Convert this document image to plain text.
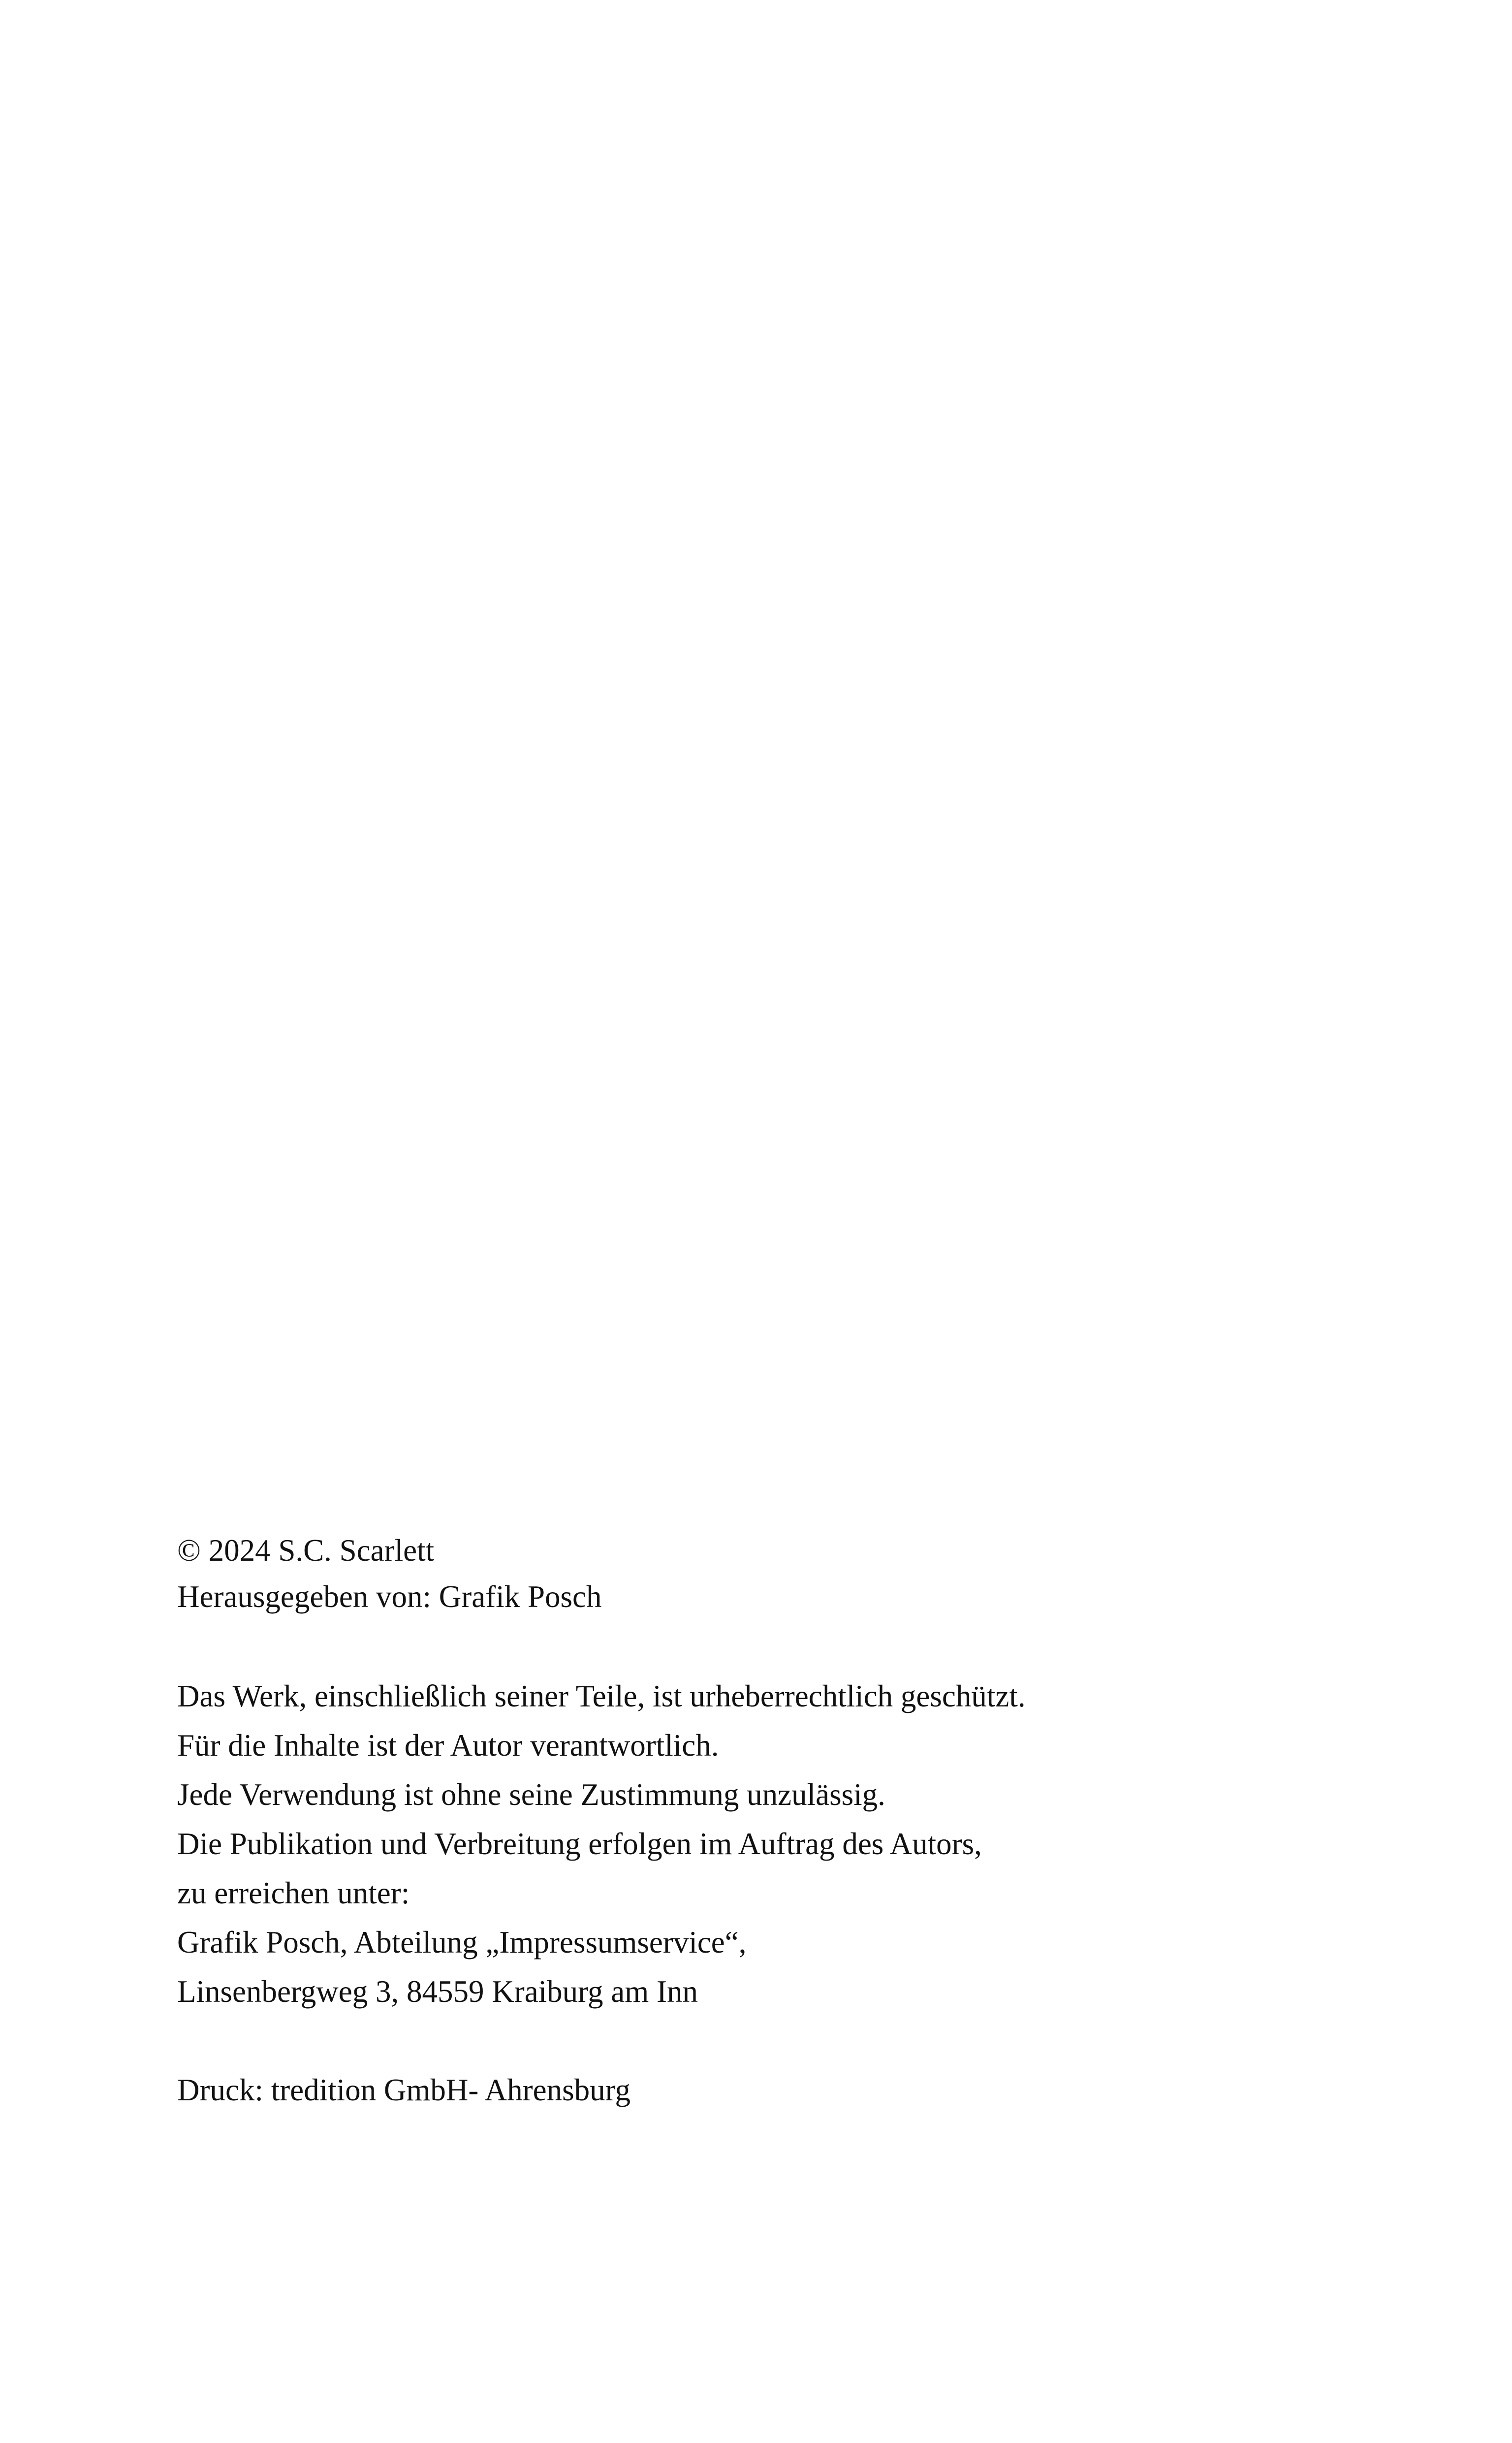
© 2024 S.C. Scarlett
Herausgegeben von: Grafik Posch
Das Werk, einschließlich seiner Teile, ist urheberrechtlich geschützt.
Für die Inhalte ist der Autor verantwortlich.
Jede Verwendung ist ohne seine Zustimmung unzulässig.
Die Publikation und Verbreitung erfolgen im Auftrag des Autors,
zu erreichen unter:
Grafik Posch, Abteilung „Impressumservice“,
Linsenbergweg 3, 84559 Kraiburg am Inn
Druck: tredition GmbH- Ahrensburg
